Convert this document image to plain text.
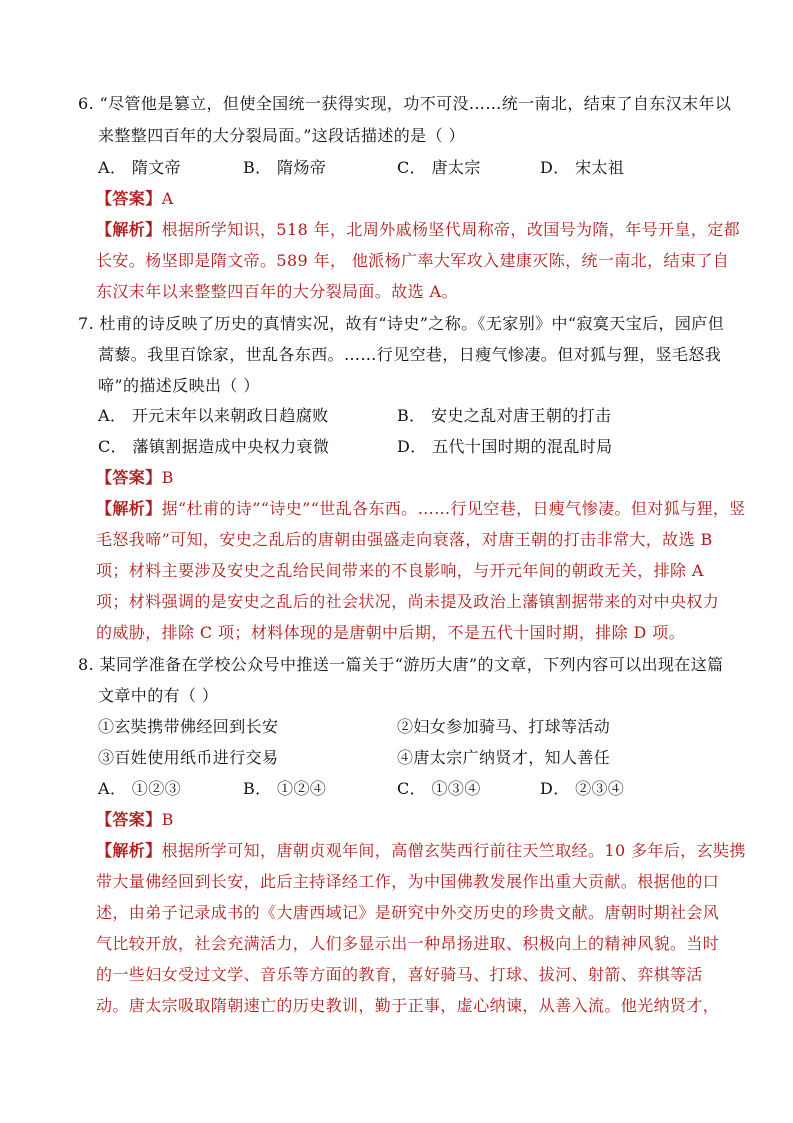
6. “尽管他是篡立，但使全国统一获得实现，功不可没……统一南北，结束了自东汉末年以
来整整四百年的大分裂局面。”这段话描述的是（ ）
A． 隋文帝	B． 隋炀帝	C． 唐太宗	D． 宋太祖
【答案】A
【解析】根据所学知识，518 年，北周外戚杨坚代周称帝，改国号为隋，年号开皇，定都
长安。杨坚即是隋文帝。589 年， 他派杨广率大军攻入建康灭陈，统一南北，结束了自
东汉末年以来整整四百年的大分裂局面。故选 A。
7. 杜甫的诗反映了历史的真情实况，故有“诗史”之称。《无家别》中“寂寞天宝后，园庐但
蒿藜。我里百馀家，世乱各东西。……行见空巷，日瘦气惨凄。但对狐与狸，竖毛怒我
啼”的描述反映出（ ）
A． 开元末年以来朝政日趋腐败	B． 安史之乱对唐王朝的打击
C． 藩镇割据造成中央权力衰微	D． 五代十国时期的混乱时局
【答案】B
【解析】据“杜甫的诗”“诗史”“世乱各东西。……行见空巷，日瘦气惨凄。但对狐与狸，竖
毛怒我啼”可知，安史之乱后的唐朝由强盛走向衰落，对唐王朝的打击非常大，故选 B
项；材料主要涉及安史之乱给民间带来的不良影响，与开元年间的朝政无关，排除 A
项；材料强调的是安史之乱后的社会状况，尚未提及政治上藩镇割据带来的对中央权力
的威胁，排除 C 项；材料体现的是唐朝中后期，不是五代十国时期，排除 D 项。
8. 某同学准备在学校公众号中推送一篇关于“游历大唐”的文章，下列内容可以出现在这篇
文章中的有（ ）
①玄奘携带佛经回到长安	②妇女参加骑马、打球等活动
③百姓使用纸币进行交易	④唐太宗广纳贤才，知人善任
A． ①②③	B． ①②④	C． ①③④	D． ②③④
【答案】B
【解析】根据所学可知，唐朝贞观年间，高僧玄奘西行前往天竺取经。10 多年后，玄奘携
带大量佛经回到长安，此后主持译经工作，为中国佛教发展作出重大贡献。根据他的口
述，由弟子记录成书的《大唐西域记》是研究中外交历史的珍贵文献。唐朝时期社会风
气比较开放，社会充满活力，人们多显示出一种昂扬进取、积极向上的精神风貌。当时
的一些妇女受过文学、音乐等方面的教育，喜好骑马、打球、拔河、射箭、弈棋等活
动。唐太宗吸取隋朝速亡的历史教训，勤于正事，虚心纳谏，从善入流。他光纳贤才，
